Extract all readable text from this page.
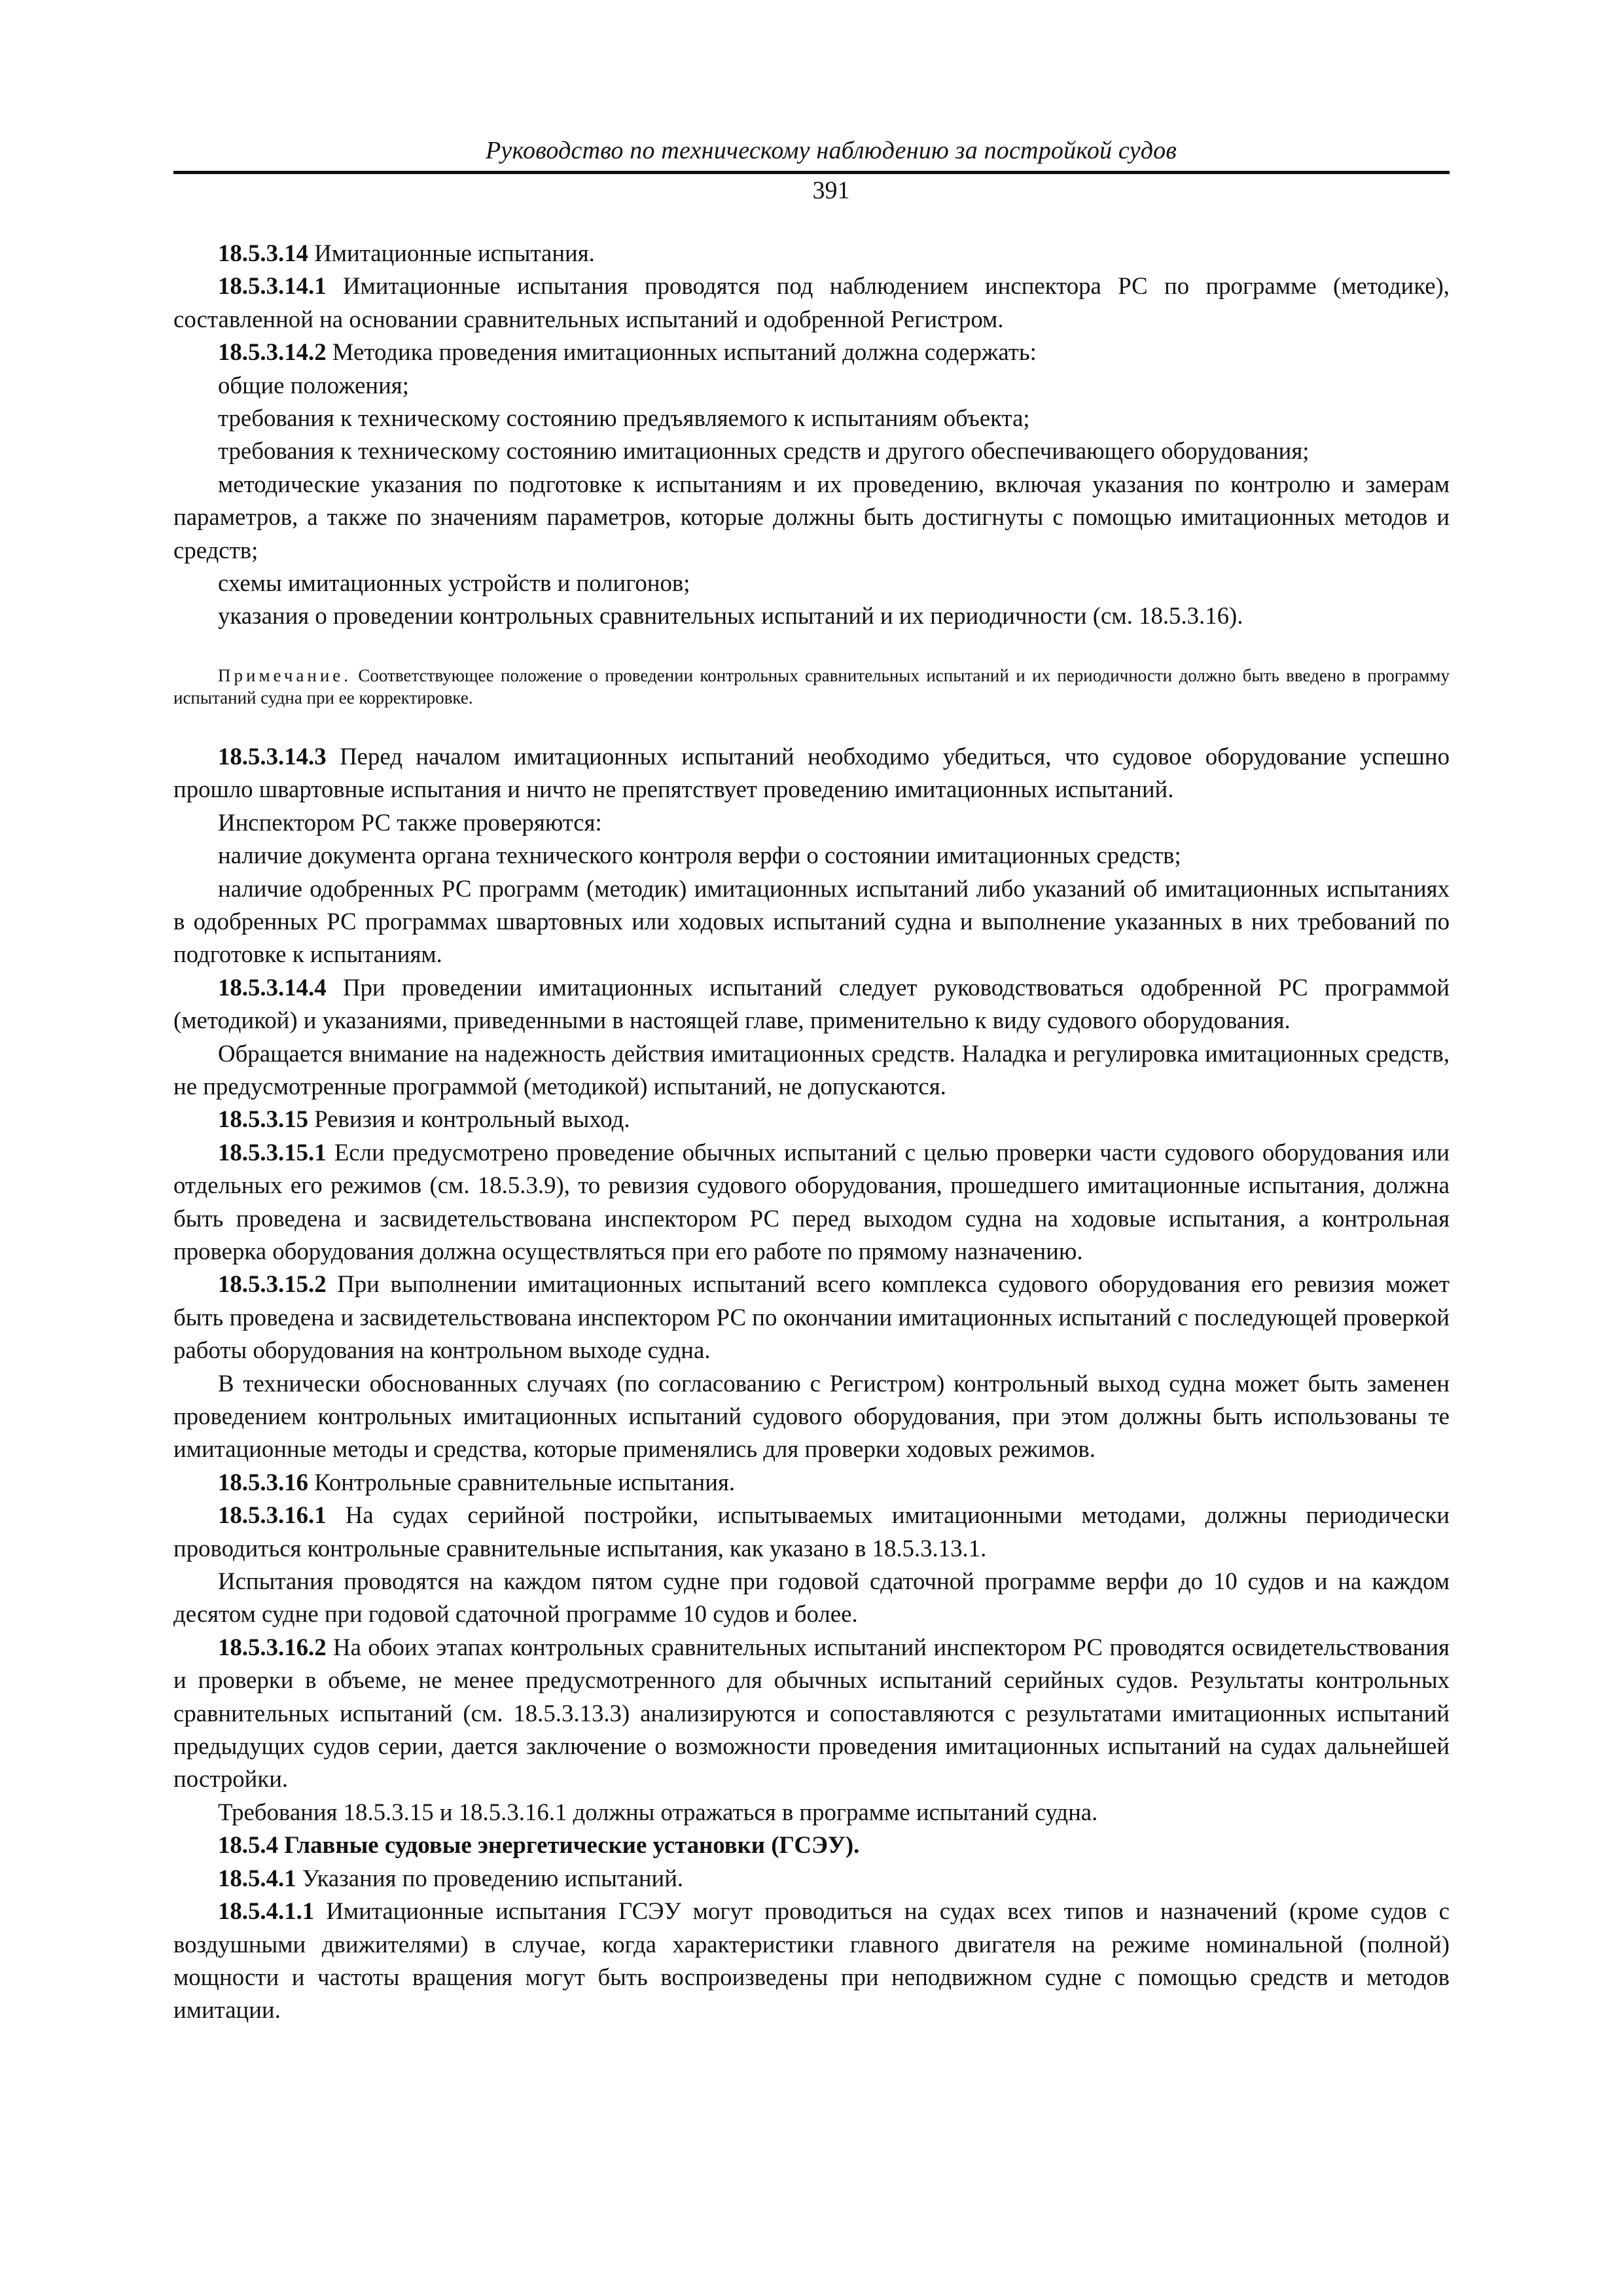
Руководство по техническому наблюдению за постройкой судов
391

18.5.3.14 Имитационные испытания.

18.5.3.14.1 Имитационные испытания проводятся под наблюдением инспектора РС по программе (методике), составленной на основании сравнительных испытаний и одобренной Регистром.

18.5.3.14.2 Методика проведения имитационных испытаний должна содержать:

общие положения;

требования к техническому состоянию предъявляемого к испытаниям объекта;

требования к техническому состоянию имитационных средств и другого обеспечивающего оборудования;

методические указания по подготовке к испытаниям и их проведению, включая указания по контролю и замерам параметров, а также по значениям параметров, которые должны быть достигнуты с помощью имитационных методов и средств;

схемы имитационных устройств и полигонов;

указания о проведении контрольных сравнительных испытаний и их периодичности (см. 18.5.3.16).

Примечание. Соответствующее положение о проведении контрольных сравнительных испытаний и их периодичности должно быть введено в программу испытаний судна при ее корректировке.

18.5.3.14.3 Перед началом имитационных испытаний необходимо убедиться, что судовое оборудование успешно прошло швартовные испытания и ничто не препятствует проведению имитационных испытаний.

Инспектором РС также проверяются:

наличие документа органа технического контроля верфи о состоянии имитационных средств;

наличие одобренных РС программ (методик) имитационных испытаний либо указаний об имитационных испытаниях в одобренных РС программах швартовных или ходовых испытаний судна и выполнение указанных в них требований по подготовке к испытаниям.

18.5.3.14.4 При проведении имитационных испытаний следует руководствоваться одобренной РС программой (методикой) и указаниями, приведенными в настоящей главе, применительно к виду судового оборудования.

Обращается внимание на надежность действия имитационных средств. Наладка и регулировка имитационных средств, не предусмотренные программой (методикой) испытаний, не допускаются.

18.5.3.15 Ревизия и контрольный выход.

18.5.3.15.1 Если предусмотрено проведение обычных испытаний с целью проверки части судового оборудования или отдельных его режимов (см. 18.5.3.9), то ревизия судового оборудования, прошедшего имитационные испытания, должна быть проведена и засвидетельствована инспектором РС перед выходом судна на ходовые испытания, а контрольная проверка оборудования должна осуществляться при его работе по прямому назначению.

18.5.3.15.2 При выполнении имитационных испытаний всего комплекса судового оборудования его ревизия может быть проведена и засвидетельствована инспектором РС по окончании имитационных испытаний с последующей проверкой работы оборудования на контрольном выходе судна.

В технически обоснованных случаях (по согласованию с Регистром) контрольный выход судна может быть заменен проведением контрольных имитационных испытаний судового оборудования, при этом должны быть использованы те имитационные методы и средства, которые применялись для проверки ходовых режимов.

18.5.3.16 Контрольные сравнительные испытания.

18.5.3.16.1 На судах серийной постройки, испытываемых имитационными методами, должны периодически проводиться контрольные сравнительные испытания, как указано в 18.5.3.13.1.

Испытания проводятся на каждом пятом судне при годовой сдаточной программе верфи до 10 судов и на каждом десятом судне при годовой сдаточной программе 10 судов и более.

18.5.3.16.2 На обоих этапах контрольных сравнительных испытаний инспектором РС проводятся освидетельствования и проверки в объеме, не менее предусмотренного для обычных испытаний серийных судов. Результаты контрольных сравнительных испытаний (см. 18.5.3.13.3) анализируются и сопоставляются с результатами имитационных испытаний предыдущих судов серии, дается заключение о возможности проведения имитационных испытаний на судах дальнейшей постройки.

Требования 18.5.3.15 и 18.5.3.16.1 должны отражаться в программе испытаний судна.

18.5.4 Главные судовые энергетические установки (ГСЭУ).

18.5.4.1 Указания по проведению испытаний.

18.5.4.1.1 Имитационные испытания ГСЭУ могут проводиться на судах всех типов и назначений (кроме судов с воздушными движителями) в случае, когда характеристики главного двигателя на режиме номинальной (полной) мощности и частоты вращения могут быть воспроизведены при неподвижном судне с помощью средств и методов имитации.
